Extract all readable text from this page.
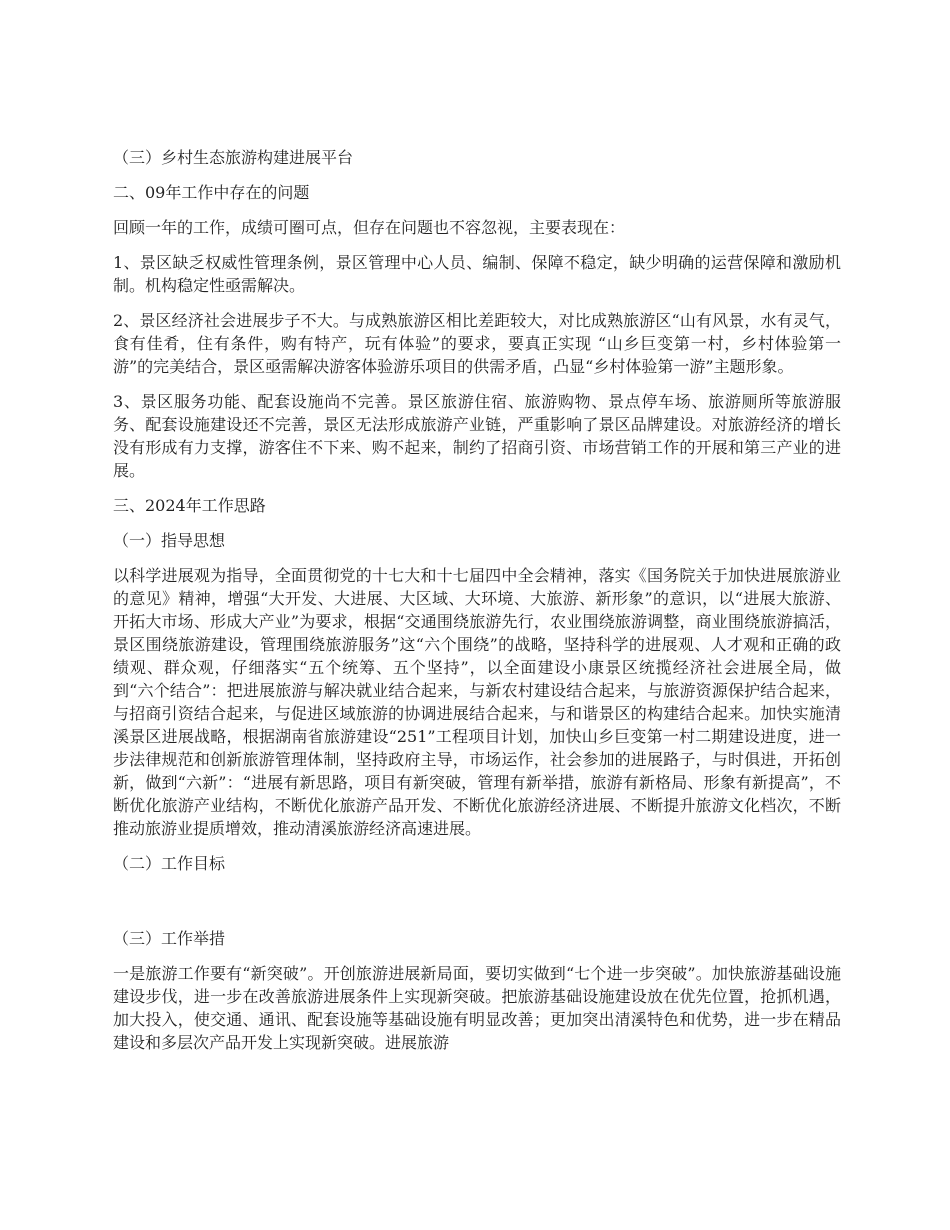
（三）乡村生态旅游构建进展平台

二、09年工作中存在的问题

回顾一年的工作，成绩可圈可点，但存在问题也不容忽视，主要表现在：

1、景区缺乏权威性管理条例，景区管理中心人员、编制、保障不稳定，缺少明确的运营保障和激励机制。机构稳定性亟需解决。

2、景区经济社会进展步子不大。与成熟旅游区相比差距较大，对比成熟旅游区“山有风景，水有灵气，食有佳肴，住有条件，购有特产，玩有体验”的要求，要真正实现 “山乡巨变第一村，乡村体验第一游”的完美结合，景区亟需解决游客体验游乐项目的供需矛盾，凸显“乡村体验第一游”主题形象。

3、景区服务功能、配套设施尚不完善。景区旅游住宿、旅游购物、景点停车场、旅游厕所等旅游服务、配套设施建设还不完善，景区无法形成旅游产业链，严重影响了景区品牌建设。对旅游经济的增长没有形成有力支撑，游客住不下来、购不起来，制约了招商引资、市场营销工作的开展和第三产业的进展。

三、2024年工作思路

（一）指导思想

以科学进展观为指导，全面贯彻党的十七大和十七届四中全会精神，落实《国务院关于加快进展旅游业的意见》精神，增强“大开发、大进展、大区域、大环境、大旅游、新形象”的意识，以“进展大旅游、开拓大市场、形成大产业”为要求，根据“交通围绕旅游先行，农业围绕旅游调整，商业围绕旅游搞活，景区围绕旅游建设，管理围绕旅游服务”这“六个围绕”的战略，坚持科学的进展观、人才观和正确的政绩观、群众观，仔细落实“五个统筹、五个坚持”，以全面建设小康景区统揽经济社会进展全局，做到“六个结合”：把进展旅游与解决就业结合起来，与新农村建设结合起来，与旅游资源保护结合起来，与招商引资结合起来，与促进区域旅游的协调进展结合起来，与和谐景区的构建结合起来。加快实施清溪景区进展战略，根据湖南省旅游建设“251”工程项目计划，加快山乡巨变第一村二期建设进度，进一步法律规范和创新旅游管理体制，坚持政府主导，市场运作，社会参加的进展路子，与时俱进，开拓创新，做到“六新”：“进展有新思路，项目有新突破，管理有新举措，旅游有新格局、形象有新提高”，不断优化旅游产业结构，不断优化旅游产品开发、不断优化旅游经济进展、不断提升旅游文化档次，不断推动旅游业提质增效，推动清溪旅游经济高速进展。

（二）工作目标

（三）工作举措

一是旅游工作要有“新突破”。开创旅游进展新局面，要切实做到“七个进一步突破”。加快旅游基础设施建设步伐，进一步在改善旅游进展条件上实现新突破。把旅游基础设施建设放在优先位置，抢抓机遇，加大投入，使交通、通讯、配套设施等基础设施有明显改善；更加突出清溪特色和优势，进一步在精品建设和多层次产品开发上实现新突破。进展旅游
